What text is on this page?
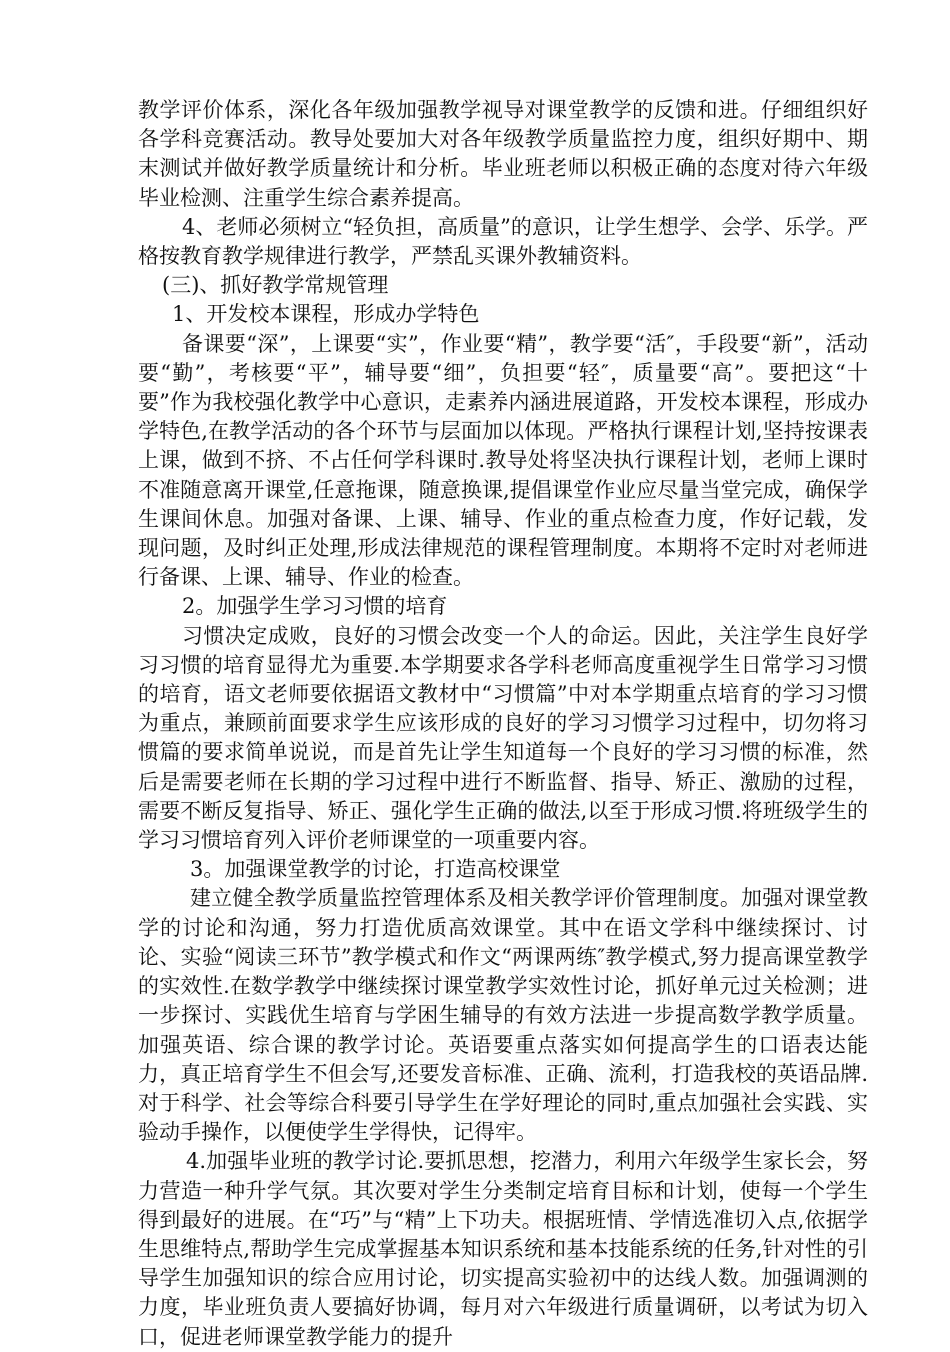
教学评价体系，深化各年级加强教学视导对课堂教学的反馈和进。仔细组织好各学科竞赛活动。教导处要加大对各年级教学质量监控力度，组织好期中、期末测试并做好教学质量统计和分析。毕业班老师以积极正确的态度对待六年级毕业检测、注重学生综合素养提高。

4、老师必须树立“轻负担，高质量”的意识，让学生想学、会学、乐学。严格按教育教学规律进行教学，严禁乱买课外教辅资料。

(三)、抓好教学常规管理

1、开发校本课程，形成办学特色

备课要“深”，上课要“实”，作业要“精”，教学要“活″，手段要“新”，活动要“勤”，考核要“平”，辅导要“细”，负担要“轻″，质量要“高”。要把这“十要”作为我校强化教学中心意识，走素养内涵进展道路，开发校本课程，形成办学特色,在教学活动的各个环节与层面加以体现。严格执行课程计划,坚持按课表上课，做到不挤、不占任何学科课时.教导处将坚决执行课程计划，老师上课时不准随意离开课堂,任意拖课，随意换课,提倡课堂作业应尽量当堂完成，确保学生课间休息。加强对备课、上课、辅导、作业的重点检查力度，作好记载，发现问题，及时纠正处理,形成法律规范的课程管理制度。本期将不定时对老师进行备课、上课、辅导、作业的检查。

2。加强学生学习习惯的培育

习惯决定成败，良好的习惯会改变一个人的命运。因此，关注学生良好学习习惯的培育显得尤为重要.本学期要求各学科老师高度重视学生日常学习习惯的培育，语文老师要依据语文教材中“习惯篇”中对本学期重点培育的学习习惯为重点，兼顾前面要求学生应该形成的良好的学习习惯学习过程中，切勿将习惯篇的要求简单说说，而是首先让学生知道每一个良好的学习习惯的标准，然后是需要老师在长期的学习过程中进行不断监督、指导、矫正、激励的过程，需要不断反复指导、矫正、强化学生正确的做法,以至于形成习惯.将班级学生的学习习惯培育列入评价老师课堂的一项重要内容。

3。加强课堂教学的讨论，打造高校课堂

建立健全教学质量监控管理体系及相关教学评价管理制度。加强对课堂教学的讨论和沟通，努力打造优质高效课堂。其中在语文学科中继续探讨、讨论、实验“阅读三环节”教学模式和作文“两课两练″教学模式,努力提高课堂教学的实效性.在数学教学中继续探讨课堂教学实效性讨论，抓好单元过关检测；进一步探讨、实践优生培育与学困生辅导的有效方法进一步提高数学教学质量。加强英语、综合课的教学讨论。英语要重点落实如何提高学生的口语表达能力，真正培育学生不但会写,还要发音标准、正确、流利，打造我校的英语品牌.对于科学、社会等综合科要引导学生在学好理论的同时,重点加强社会实践、实验动手操作，以便使学生学得快，记得牢。

4.加强毕业班的教学讨论.要抓思想，挖潜力，利用六年级学生家长会，努力营造一种升学气氛。其次要对学生分类制定培育目标和计划，使每一个学生得到最好的进展。在“巧”与“精”上下功夫。根据班情、学情选准切入点,依据学生思维特点,帮助学生完成掌握基本知识系统和基本技能系统的任务,针对性的引导学生加强知识的综合应用讨论，切实提高实验初中的达线人数。加强调测的力度，毕业班负责人要搞好协调，每月对六年级进行质量调研，以考试为切入口，促进老师课堂教学能力的提升
